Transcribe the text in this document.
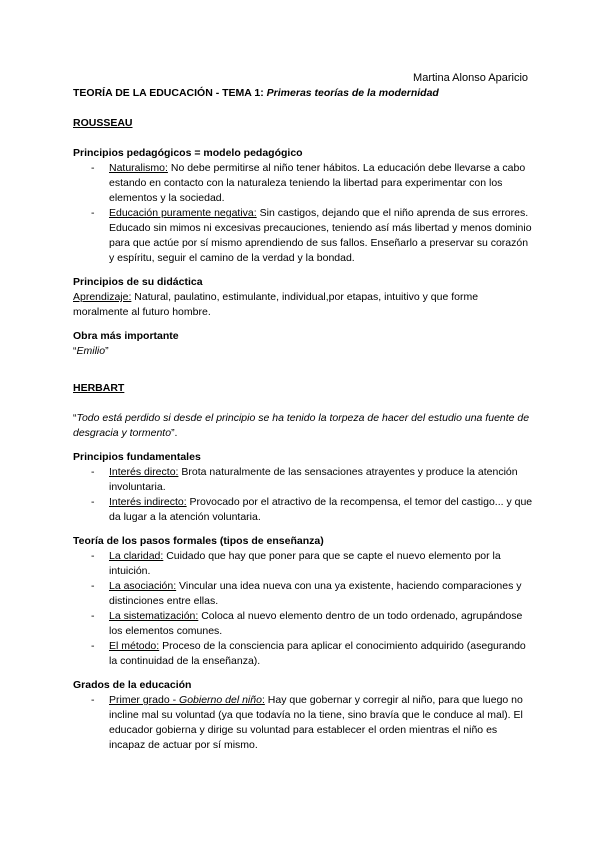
Martina Alonso Aparicio

TEORÍA DE LA EDUCACIÓN - TEMA 1: Primeras teorías de la modernidad

ROUSSEAU

Principios pedagógicos = modelo pedagógico

- Naturalismo: No debe permitirse al niño tener hábitos. La educación debe llevarse a cabo estando en contacto con la naturaleza teniendo la libertad para experimentar con los elementos y la sociedad.
- Educación puramente negativa: Sin castigos, dejando que el niño aprenda de sus errores. Educado sin mimos ni excesivas precauciones, teniendo así más libertad y menos dominio para que actúe por sí mismo aprendiendo de sus fallos. Enseñarlo a preservar su corazón y espíritu, seguir el camino de la verdad y la bondad.

Principios de su didáctica

Aprendizaje: Natural, paulatino, estimulante, individual,por etapas, intuitivo y que forme moralmente al futuro hombre.

Obra más importante

“Emilio”

HERBART

“Todo está perdido si desde el principio se ha tenido la torpeza de hacer del estudio una fuente de desgracia y tormento”.

Principios fundamentales

- Interés directo: Brota naturalmente de las sensaciones atrayentes y produce la atención involuntaria.
- Interés indirecto: Provocado por el atractivo de la recompensa, el temor del castigo... y que da lugar a la atención voluntaria.

Teoría de los pasos formales (tipos de enseñanza)

- La claridad: Cuidado que hay que poner para que se capte el nuevo elemento por la intuición.
- La asociación: Vincular una idea nueva con una ya existente, haciendo comparaciones y distinciones entre ellas.
- La sistematización: Coloca al nuevo elemento dentro de un todo ordenado, agrupándose los elementos comunes.
- El método: Proceso de la consciencia para aplicar el conocimiento adquirido (asegurando la continuidad de la enseñanza).

Grados de la educación

- Primer grado - Gobierno del niño: Hay que gobernar y corregir al niño, para que luego no incline mal su voluntad (ya que todavía no la tiene, sino bravía que le conduce al mal). El educador gobierna y dirige su voluntad para establecer el orden mientras el niño es incapaz de actuar por sí mismo.
